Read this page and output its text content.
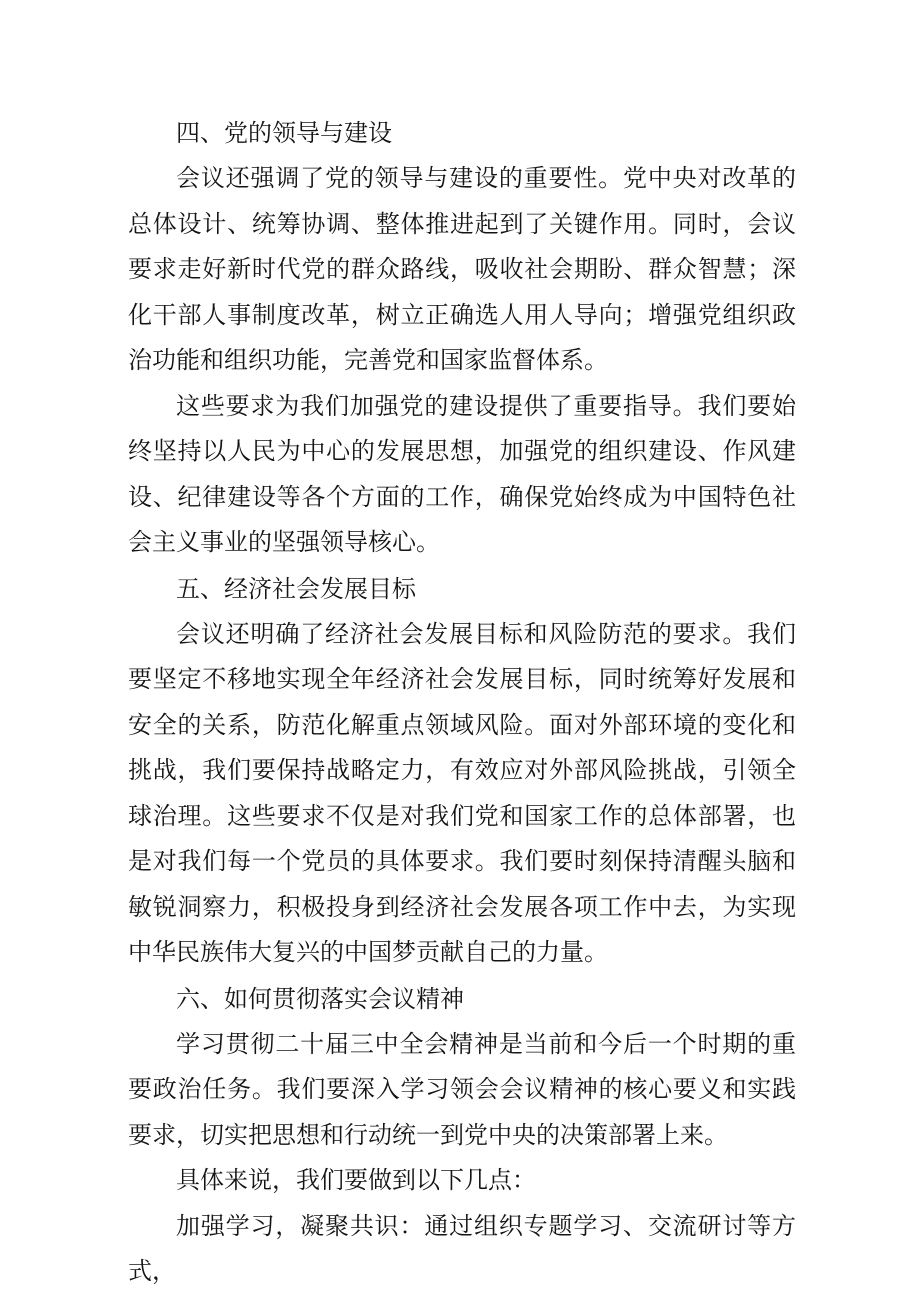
四、党的领导与建设

会议还强调了党的领导与建设的重要性。党中央对改革的总体设计、统筹协调、整体推进起到了关键作用。同时，会议要求走好新时代党的群众路线，吸收社会期盼、群众智慧；深化干部人事制度改革，树立正确选人用人导向；增强党组织政治功能和组织功能，完善党和国家监督体系。

这些要求为我们加强党的建设提供了重要指导。我们要始终坚持以人民为中心的发展思想，加强党的组织建设、作风建设、纪律建设等各个方面的工作，确保党始终成为中国特色社会主义事业的坚强领导核心。

五、经济社会发展目标

会议还明确了经济社会发展目标和风险防范的要求。我们要坚定不移地实现全年经济社会发展目标，同时统筹好发展和安全的关系，防范化解重点领域风险。面对外部环境的变化和挑战，我们要保持战略定力，有效应对外部风险挑战，引领全球治理。这些要求不仅是对我们党和国家工作的总体部署，也是对我们每一个党员的具体要求。我们要时刻保持清醒头脑和敏锐洞察力，积极投身到经济社会发展各项工作中去，为实现中华民族伟大复兴的中国梦贡献自己的力量。

六、如何贯彻落实会议精神

学习贯彻二十届三中全会精神是当前和今后一个时期的重要政治任务。我们要深入学习领会会议精神的核心要义和实践要求，切实把思想和行动统一到党中央的决策部署上来。

具体来说，我们要做到以下几点：

加强学习，凝聚共识：通过组织专题学习、交流研讨等方式，
